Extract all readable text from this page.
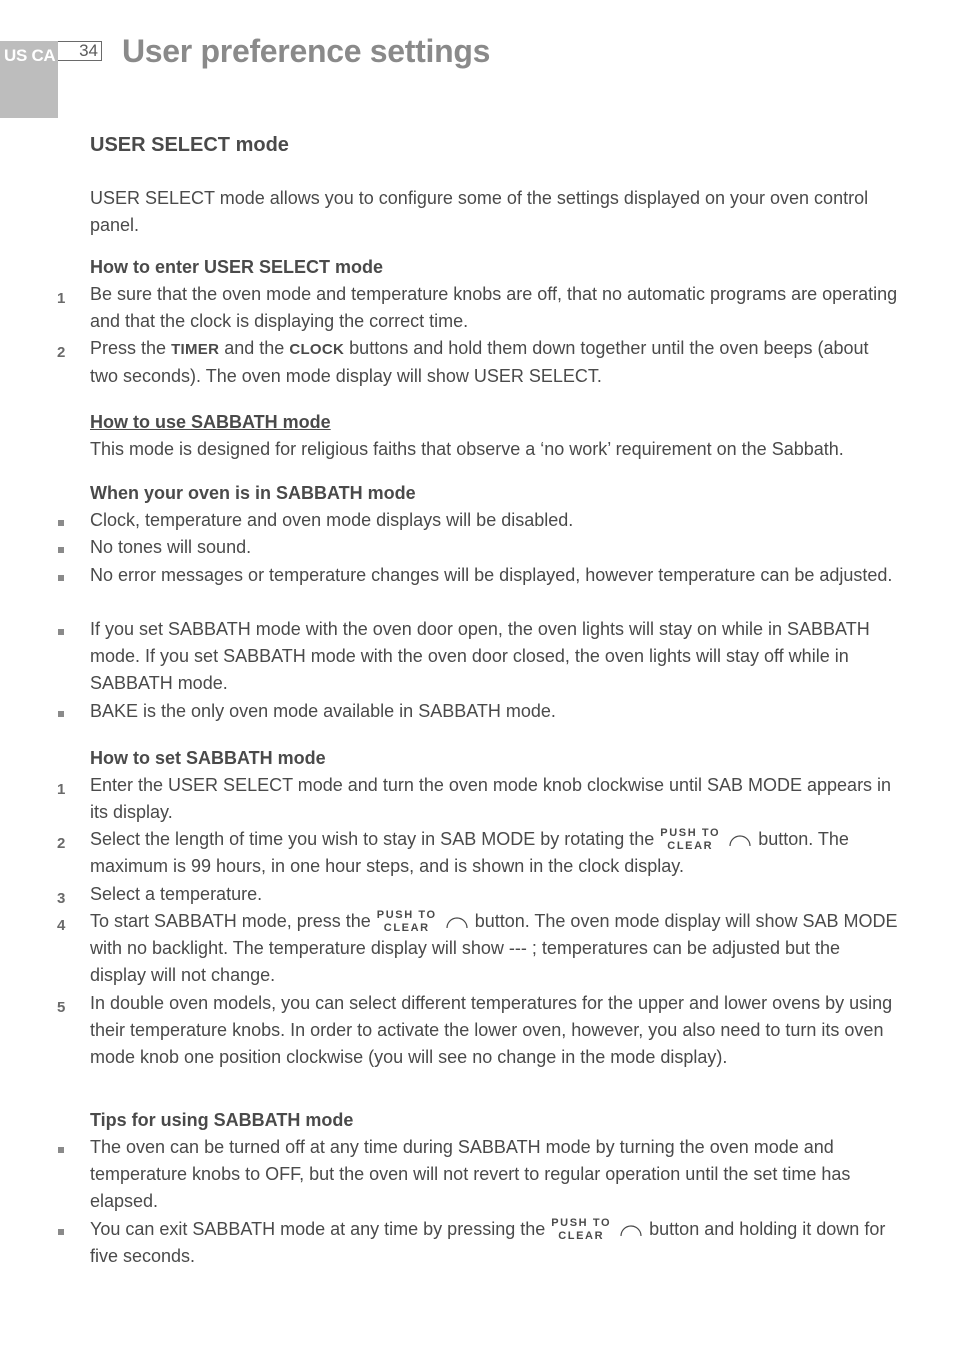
US CA	34 User preference settings
USER SELECT mode
USER SELECT mode allows you to configure some of the settings displayed on your oven control panel.
How to enter USER SELECT mode
1 Be sure that the oven mode and temperature knobs are off, that no automatic programs are operating and that the clock is displaying the correct time.
2 Press the TIMER and the CLOCK buttons and hold them down together until the oven beeps (about two seconds). The oven mode display will show USER SELECT.
How to use SABBATH mode
This mode is designed for religious faiths that observe a ‘no work’ requirement on the Sabbath.
When your oven is in SABBATH mode
Clock, temperature and oven mode displays will be disabled.
No tones will sound.
No error messages or temperature changes will be displayed, however temperature can be adjusted.
If you set SABBATH mode with the oven door open, the oven lights will stay on while in SABBATH mode. If you set SABBATH mode with the oven door closed, the oven lights will stay off while in SABBATH mode.
BAKE is the only oven mode available in SABBATH mode.
How to set SABBATH mode
1 Enter the USER SELECT mode and turn the oven mode knob clockwise until SAB MODE appears in its display.
2 Select the length of time you wish to stay in SAB MODE by rotating the PUSH TO
CLEAR	button. The maximum is 99 hours, in one hour steps, and is shown in the clock display.
3 Select a temperature.
4 To start SABBATH mode, press the PUSH TO
CLEAR	button. The oven mode display will show SAB MODE with no backlight. The temperature display will show --- ; temperatures can be adjusted but the display will not change.
5 In double oven models, you can select different temperatures for the upper and lower ovens by using their temperature knobs. In order to activate the lower oven, however, you also need to turn its oven mode knob one position clockwise (you will see no change in the mode display).
Tips for using SABBATH mode
The oven can be turned off at any time during SABBATH mode by turning the oven mode and temperature knobs to OFF, but the oven will not revert to regular operation until the set time has elapsed.
You can exit SABBATH mode at any time by pressing the PUSH TO
CLEAR	button and holding it down for five seconds.
